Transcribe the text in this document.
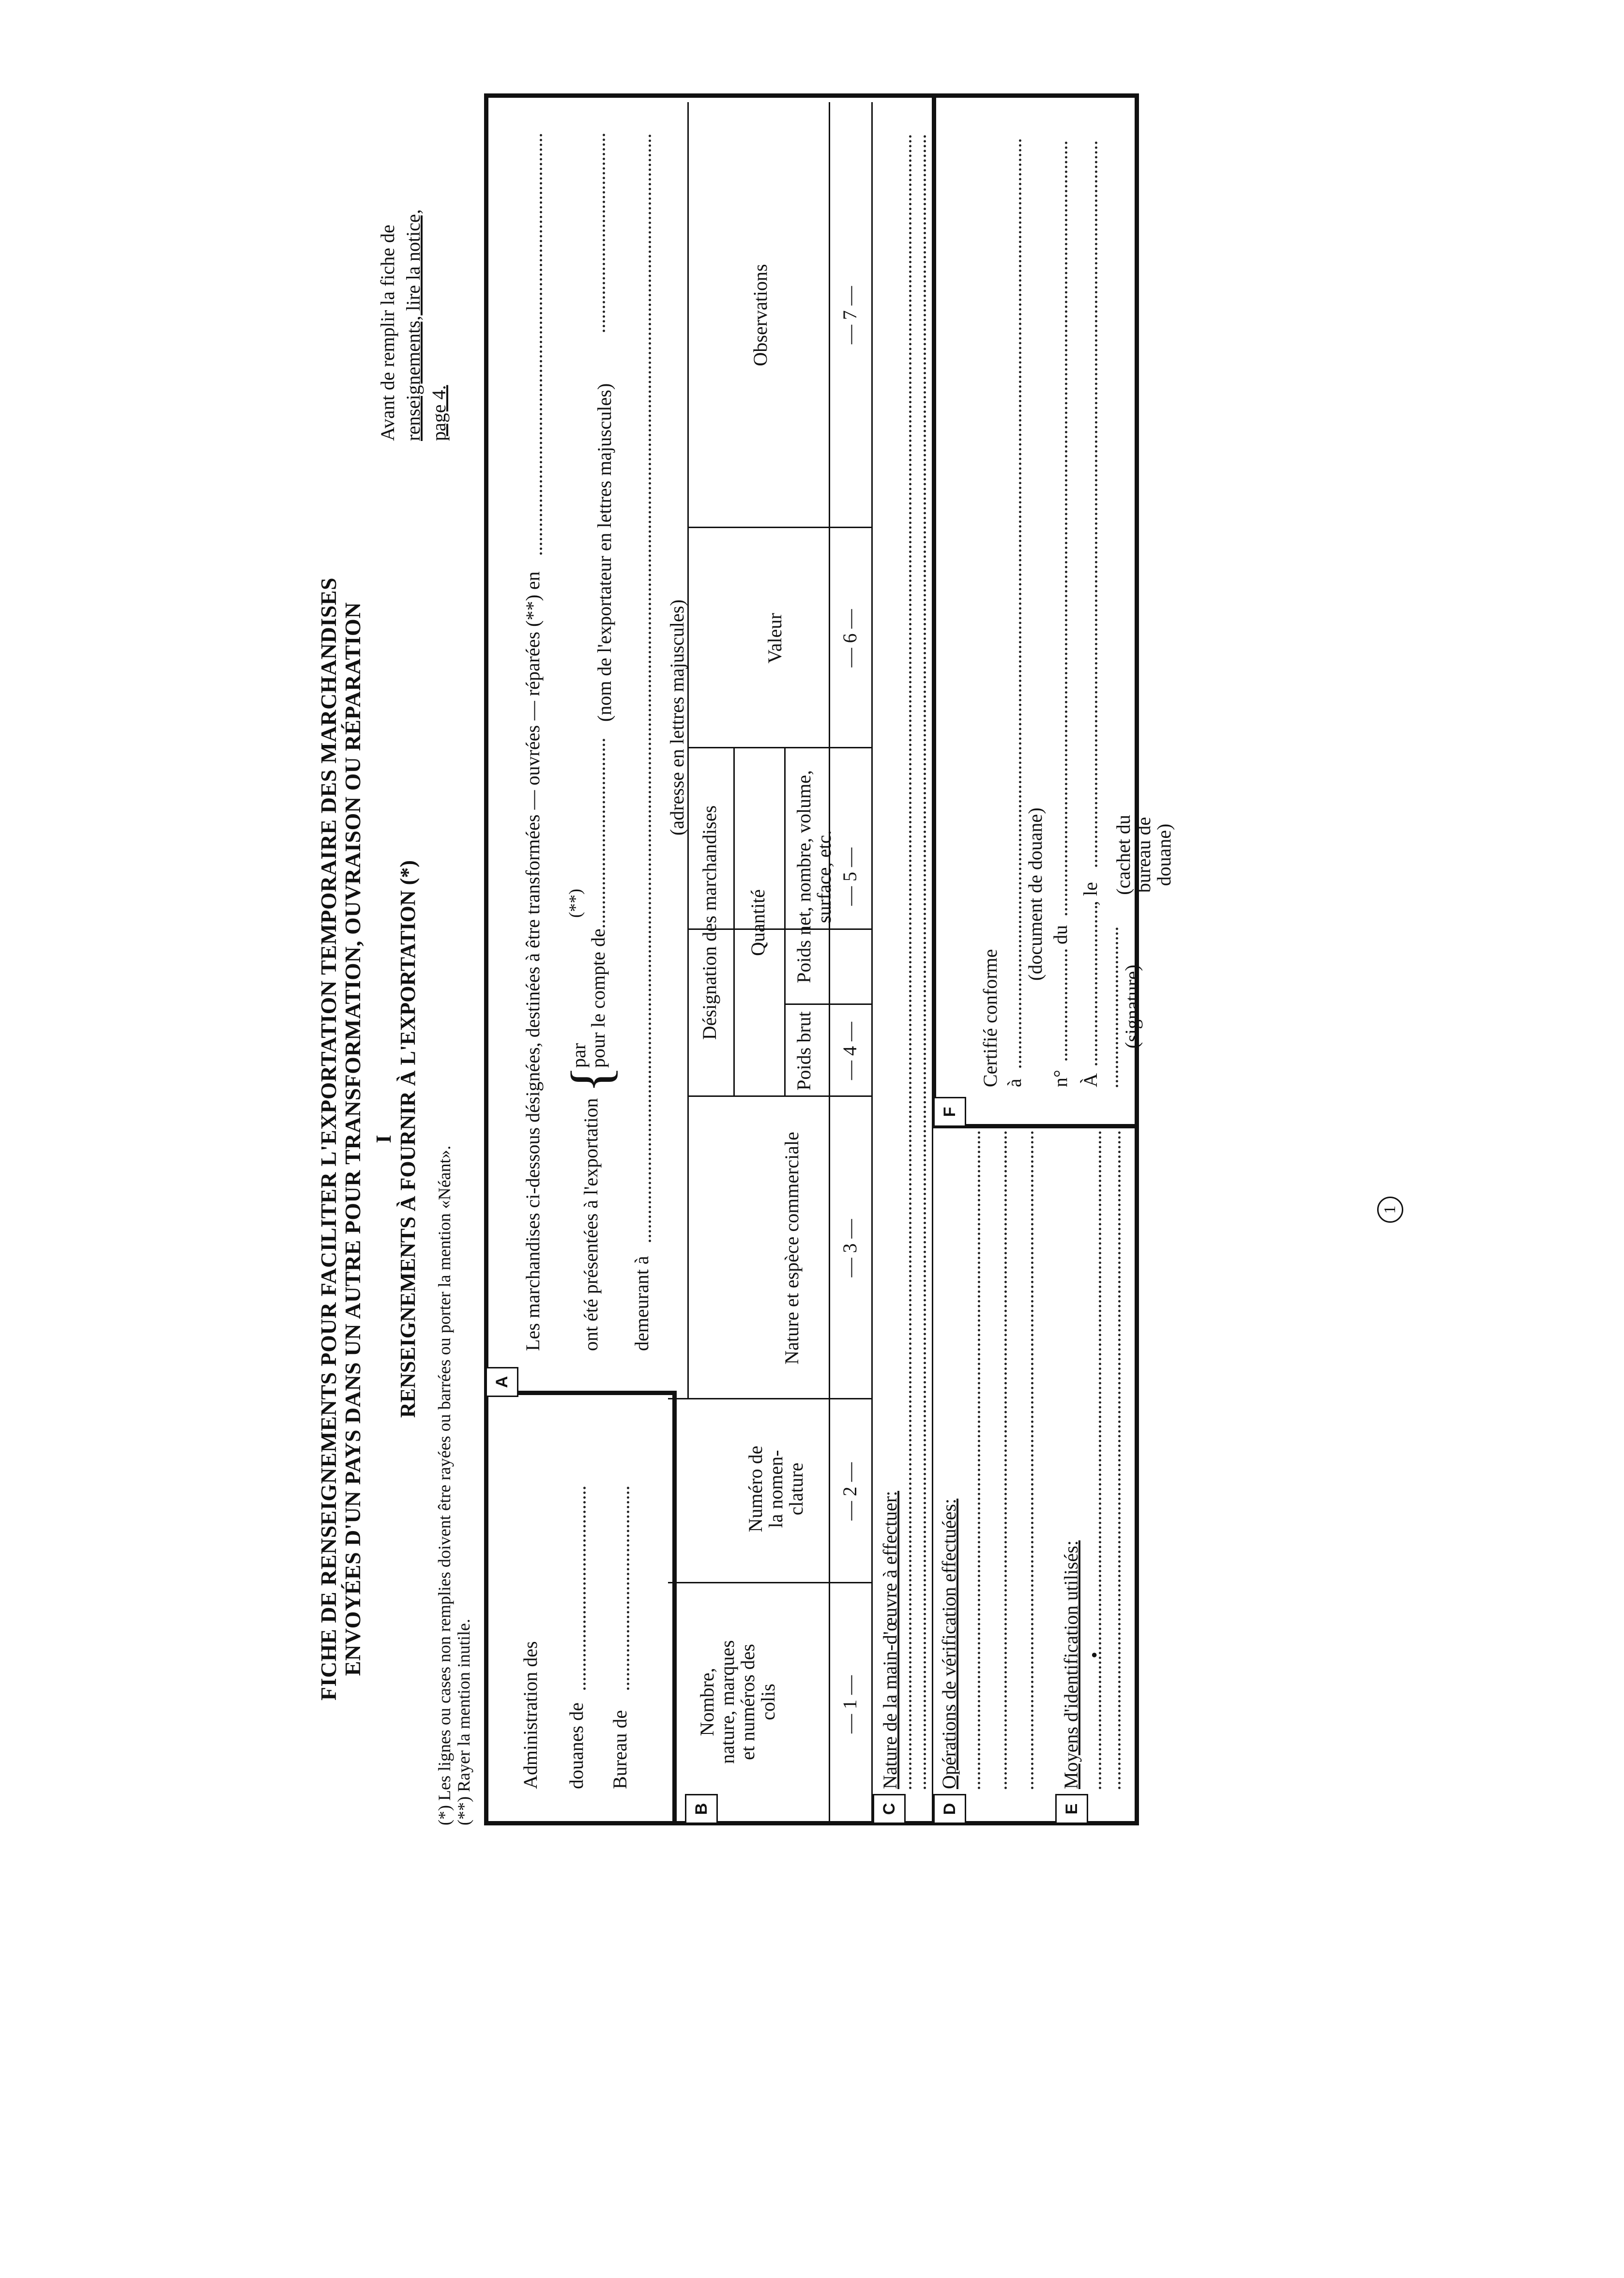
FICHE DE RENSEIGNEMENTS POUR FACILITER L'EXPORTATION TEMPORAIRE DES MARCHANDISES ENVOYÉES D'UN PAYS DANS UN AUTRE POUR TRANSFORMATION, OUVRAISON OU RÉPARATION I RENSEIGNEMENTS À FOURNIR À L'EXPORTATION (*)
Avant de remplir la fiche de renseignements, lire la notice, page 4.
(*) Les lignes ou cases non remplies doivent être rayées ou barrées ou porter la mention «Néant». (**) Rayer la mention inutile. Administration des douanes de Bureau de
A
Les marchandises ci-dessous désignées, destinées à être transformées — ouvrées — réparées (**) en ont été présentées à l'exportation
{
par
pour le compte de
(**)
(nom de l'exportateur en lettres majuscules)
demeurant à
(adresse en lettres majuscules)
B
Nombre, nature, marques et numéros des colis
Numéro de la nomen-clature
Désignation des marchandises
Nature et espèce commerciale
Quantité
Poids brut
Poids net, nombre, volume, surface, etc.
Valeur
Observations
— 1 —
— 2 —
— 3 —
— 4 —
— 5 —
— 6 —
— 7 —
C
Nature de la main-d'œuvre à effectuer:
D
Opérations de vérification effectuées:
E
Moyens d'identification utilisés: •
F
Certifié conforme à
(document de douane)
n°
du
À
, le
(signature)
(cachet du bureau de douane)
1
